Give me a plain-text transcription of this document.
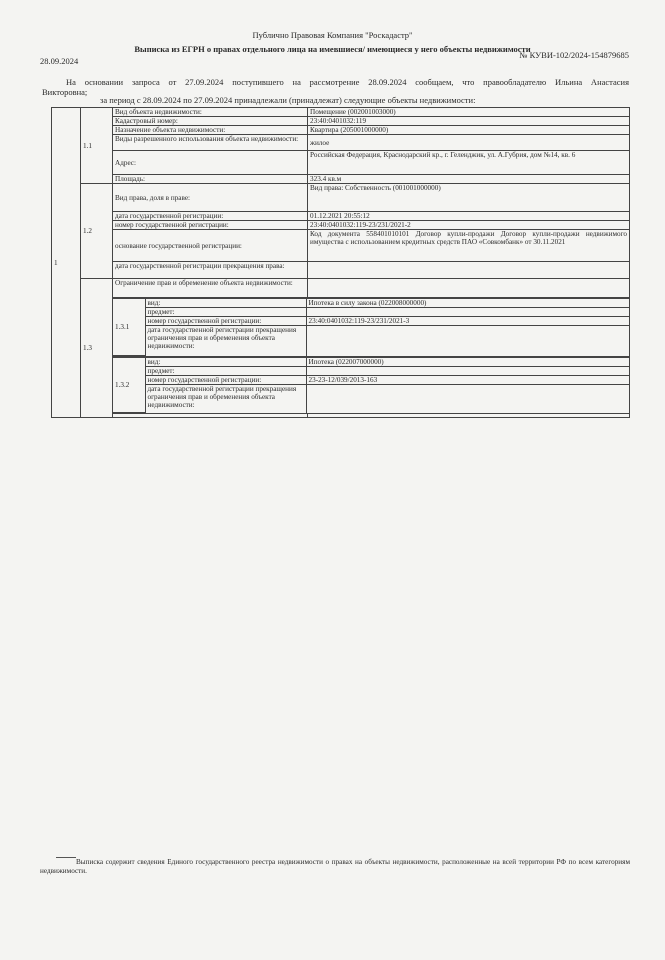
Публично Правовая Компания "Роскадастр"
Выписка из ЕГРН о правах отдельного лица на имевшиеся/ имеющиеся у него объекты недвижимости
№ КУВИ-102/2024-154879685
28.09.2024
На основании запроса от 27.09.2024 поступившего на рассмотрение 28.09.2024 сообщаем, что правообладателю Ильина Анастасия
Викторовна;
за период с 28.09.2024 по 27.09.2024 принадлежали (принадлежат) следующие объекты недвижимости:
1	1.1	Вид объекта недвижимости:	Помещение (002001003000)
Кадастровый номер:	23:40:0401032:119
Назначение объекта недвижимости:	Квартира (205001000000)
Виды разрешенного использования объекта недвижимости:	жилое
Адрес:	Российская Федерация, Краснодарский кр., г. Геленджик, ул. А.Губрия, дом №14, кв. 6
Площадь:	323.4 кв.м
1.2	Вид права, доля в праве:	Вид права: Собственность (001001000000)
дата государственной регистрации:	01.12.2021 20:55:12
номер государственной регистрации:	23:40:0401032:119-23/231/2021-2
основание государственной регистрации:	Код документа 558401010101 Договор купли-продажи Договор купли-продажи недвижимого имущества с использованием кредитных средств ПАО «Совкомбанк» от 30.11.2021
дата государственной регистрации прекращения права:	
1.3	Ограничение прав и обременение объекта недвижимости:	

1.3.1	вид:	Ипотека в силу закона (022008000000)
предмет:	
номер государственной регистрации:	23:40:0401032:119-23/231/2021-3
дата государственной регистрации прекращения ограничения прав и обременения объекта недвижимости:	

1.3.2	вид:	Ипотека (022007000000)
предмет:	
номер государственной регистрации:	23-23-12/039/2013-163
дата государственной регистрации прекращения ограничения прав и обременения объекта недвижимости:	

Выписка содержит сведения Единого государственного реестра недвижимости о правах на объекты недвижимости, расположенные на всей территории РФ по всем категориям недвижимости.
